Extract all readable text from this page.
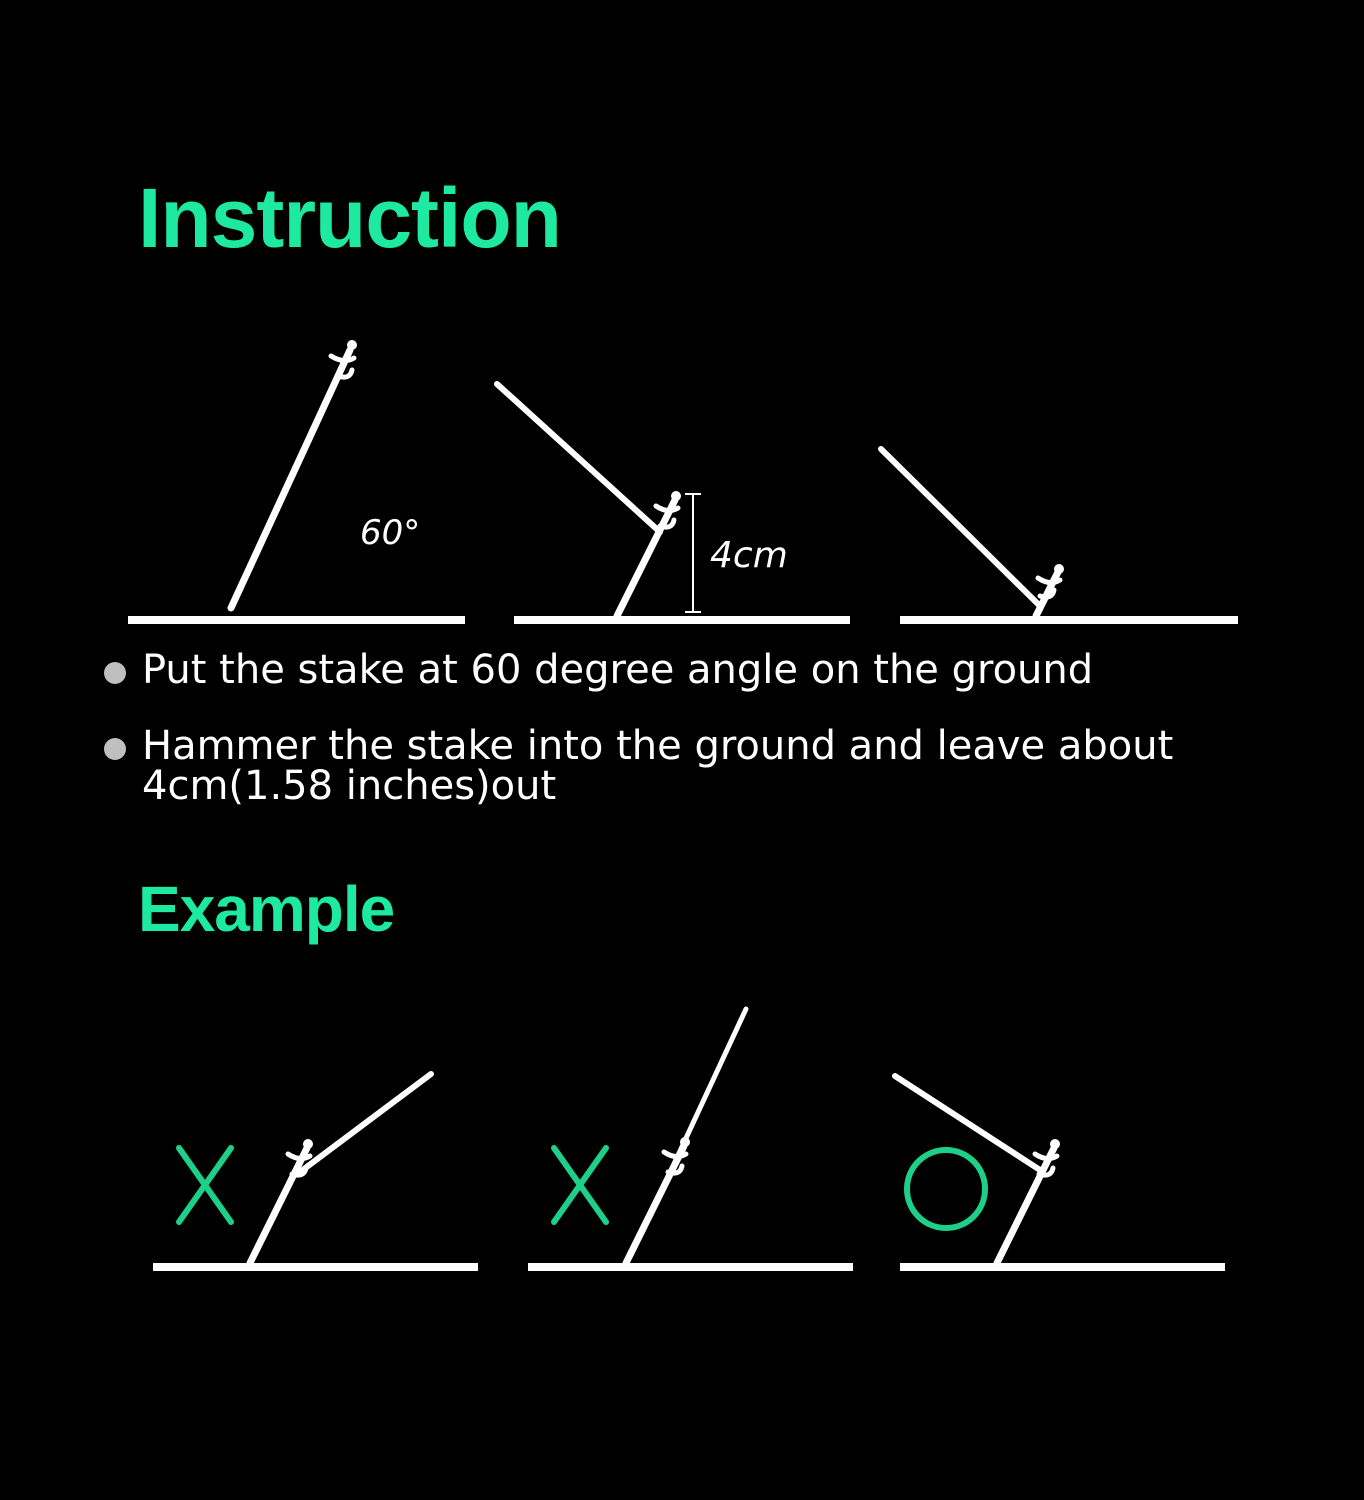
Instruction
60°
4cm
Put the stake at 60 degree angle on the ground
Hammer the stake into the ground and leave about
4cm(1.58 inches)out
Example
